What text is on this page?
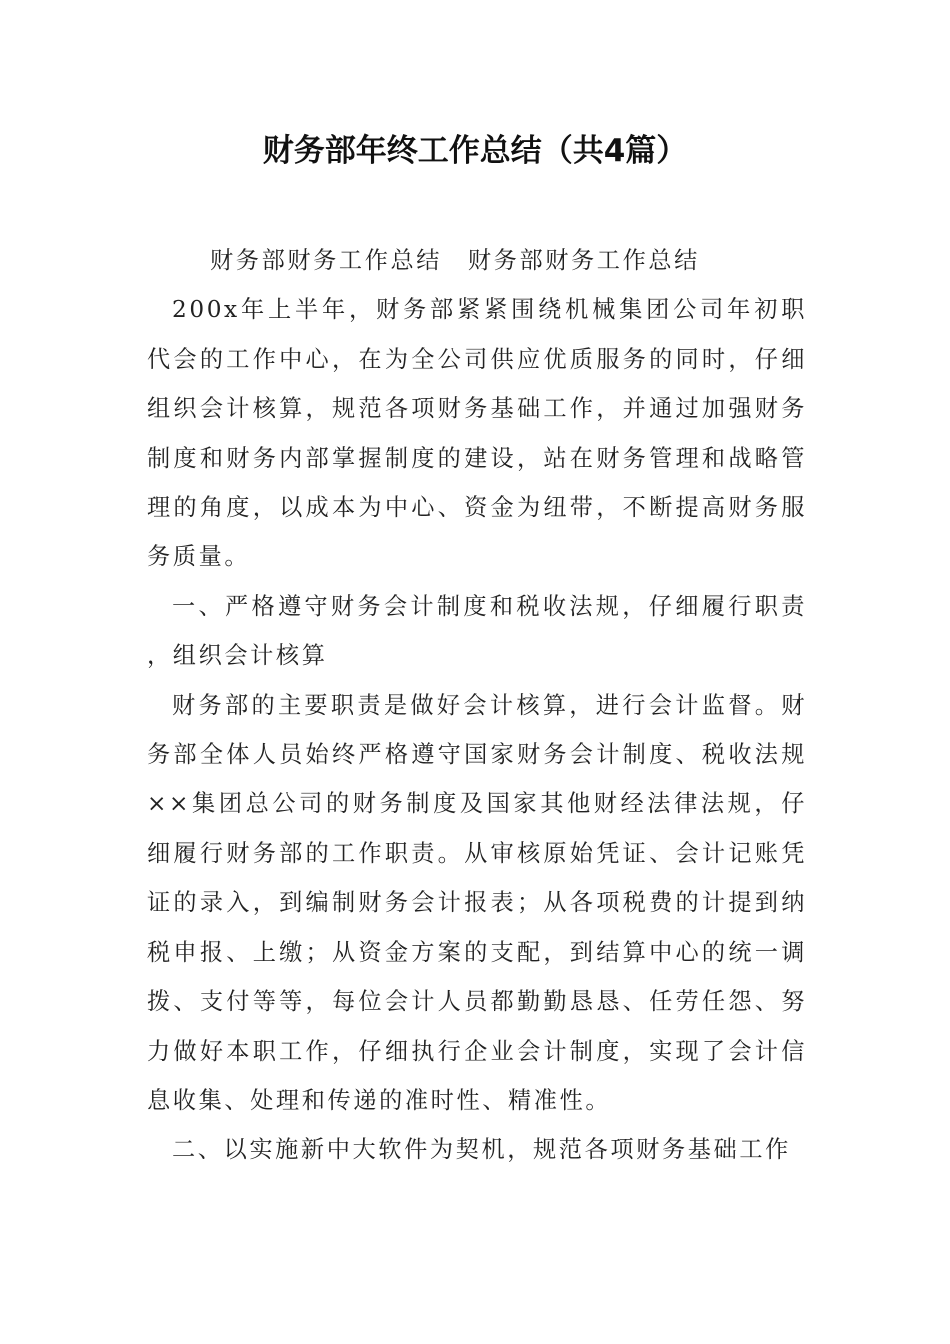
财务部年终工作总结（共4篇）

财务部财务工作总结　财务部财务工作总结

200x年上半年，财务部紧紧围绕机械集团公司年初职代会的工作中心，在为全公司供应优质服务的同时，仔细组织会计核算，规范各项财务基础工作，并通过加强财务制度和财务内部掌握制度的建设，站在财务管理和战略管理的角度，以成本为中心、资金为纽带，不断提高财务服务质量。

一、严格遵守财务会计制度和税收法规，仔细履行职责，组织会计核算

财务部的主要职责是做好会计核算，进行会计监督。财务部全体人员始终严格遵守国家财务会计制度、税收法规××集团总公司的财务制度及国家其他财经法律法规，仔细履行财务部的工作职责。从审核原始凭证、会计记账凭证的录入，到编制财务会计报表；从各项税费的计提到纳税申报、上缴；从资金方案的支配，到结算中心的统一调拨、支付等等，每位会计人员都勤勤恳恳、任劳任怨、努力做好本职工作，仔细执行企业会计制度，实现了会计信息收集、处理和传递的准时性、精准性。

二、以实施新中大软件为契机，规范各项财务基础工作
